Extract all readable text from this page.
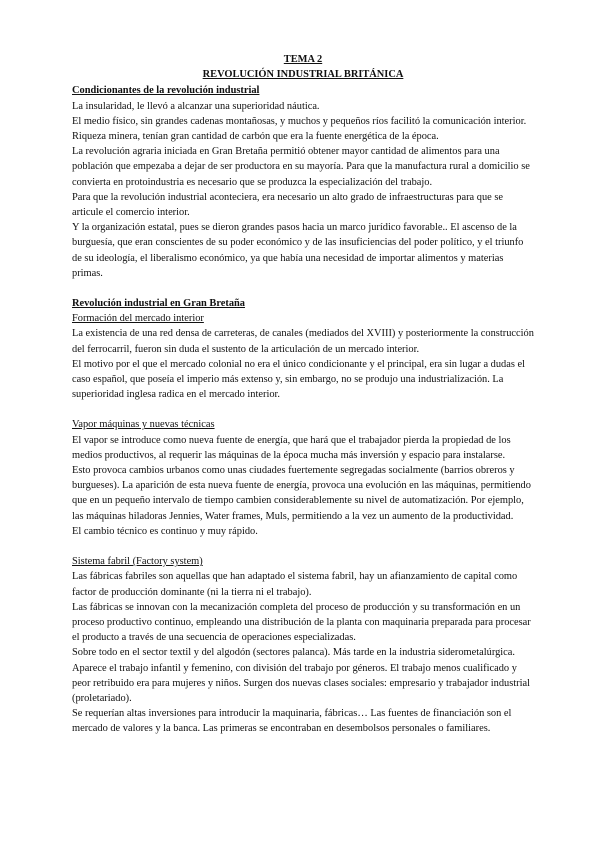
TEMA 2

REVOLUCIÓN INDUSTRIAL BRITÁNICA

Condicionantes de la revolución industrial

La insularidad, le llevó a alcanzar una superioridad náutica.

El medio físico, sin grandes cadenas montañosas, y muchos y pequeños ríos facilitó la comunicación interior.

Riqueza minera, tenían gran cantidad de carbón que era la fuente energética de la época.

La revolución agraria iniciada en Gran Bretaña permitió obtener mayor cantidad de alimentos para una población que empezaba a dejar de ser productora en su mayoría. Para que la manufactura rural a domicilio se convierta en protoindustria es necesario que se produzca la especialización del trabajo.

Para que la revolución industrial aconteciera, era necesario un alto grado de infraestructuras para que se articule el comercio interior.

Y la organización estatal, pues se dieron grandes pasos hacia un marco jurídico favorable.. El ascenso de la burguesía, que eran conscientes de su poder económico y de las insuficiencias del poder político, y el triunfo de su ideología, el liberalismo económico, ya que había una necesidad de importar alimentos y materias primas.

Revolución industrial en Gran Bretaña

Formación del mercado interior

La existencia de una red densa de carreteras, de canales (mediados del XVIII) y posteriormente la construcción del ferrocarril, fueron sin duda el sustento de la articulación de un mercado interior.

El motivo por el que el mercado colonial no era el único condicionante y el principal, era sin lugar a dudas el caso español, que poseía el imperio más extenso y, sin embargo, no se produjo una industrialización. La superioridad inglesa radica en el mercado interior.

Vapor máquinas y nuevas técnicas

El vapor se introduce como nueva fuente de energía, que hará que el trabajador pierda la propiedad de los medios productivos, al requerir las máquinas de la época mucha más inversión y espacio para instalarse.

Esto provoca cambios urbanos como unas ciudades fuertemente segregadas socialmente (barrios obreros y burgueses). La aparición de esta nueva fuente de energía, provoca una evolución en las máquinas, permitiendo que en un pequeño intervalo de tiempo cambien considerablemente su nivel de automatización. Por ejemplo, las máquinas hiladoras Jennies, Water frames, Muls, permitiendo a la vez un aumento de la productividad.

El cambio técnico es continuo y muy rápido.

Sistema fabril (Factory system)

Las fábricas fabriles son aquellas que han adaptado el sistema fabril, hay un afianzamiento de capital como factor de producción dominante (ni la tierra ni el trabajo).

Las fábricas se innovan con la mecanización completa del proceso de producción y su transformación en un proceso productivo continuo, empleando una distribución de la planta con maquinaria preparada para procesar el producto a través de una secuencia de operaciones especializadas.

Sobre todo en el sector textil y del algodón (sectores palanca). Más tarde en la industria siderometalúrgica.

Aparece el trabajo infantil y femenino, con división del trabajo por géneros. El trabajo menos cualificado y peor retribuido era para mujeres y niños. Surgen dos nuevas clases sociales: empresario y trabajador industrial (proletariado).

Se requerían altas inversiones para introducir la maquinaria, fábricas… Las fuentes de financiación son el mercado de valores y la banca. Las primeras se encontraban en desembolsos personales o familiares.
